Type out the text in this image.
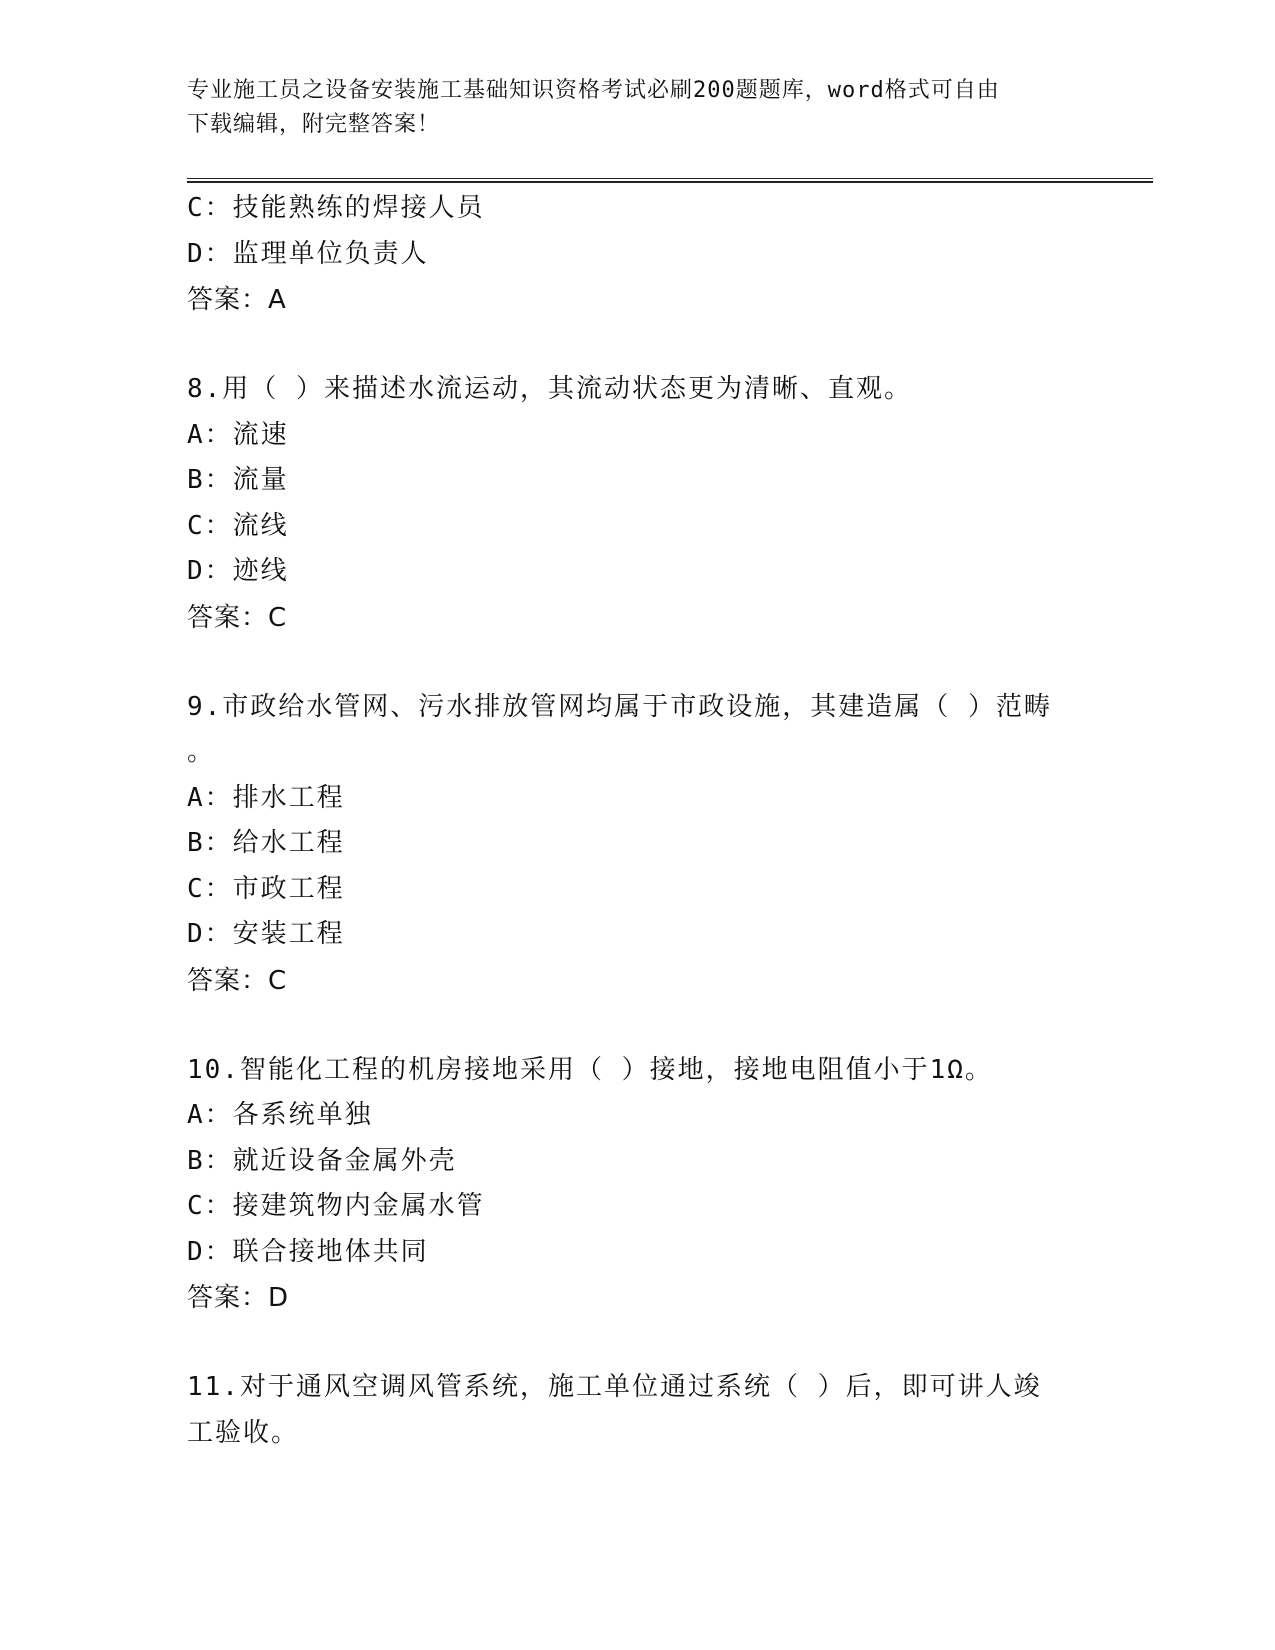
专业施工员之设备安装施工基础知识资格考试必刷200题题库，word格式可自由
下载编辑，附完整答案！
C：技能熟练的焊接人员
D：监理单位负责人
答案：A
8.用（ ）来描述水流运动，其流动状态更为清晰、直观。
A：流速
B：流量
C：流线
D：迹线
答案：C
9.市政给水管网、污水排放管网均属于市政设施，其建造属（ ）范畴
。
A：排水工程
B：给水工程
C：市政工程
D：安装工程
答案：C
10.智能化工程的机房接地采用（ ）接地，接地电阻值小于1Ω。
A：各系统单独
B：就近设备金属外壳
C：接建筑物内金属水管
D：联合接地体共同
答案：D
11.对于通风空调风管系统，施工单位通过系统（ ）后，即可讲人竣
工验收。
